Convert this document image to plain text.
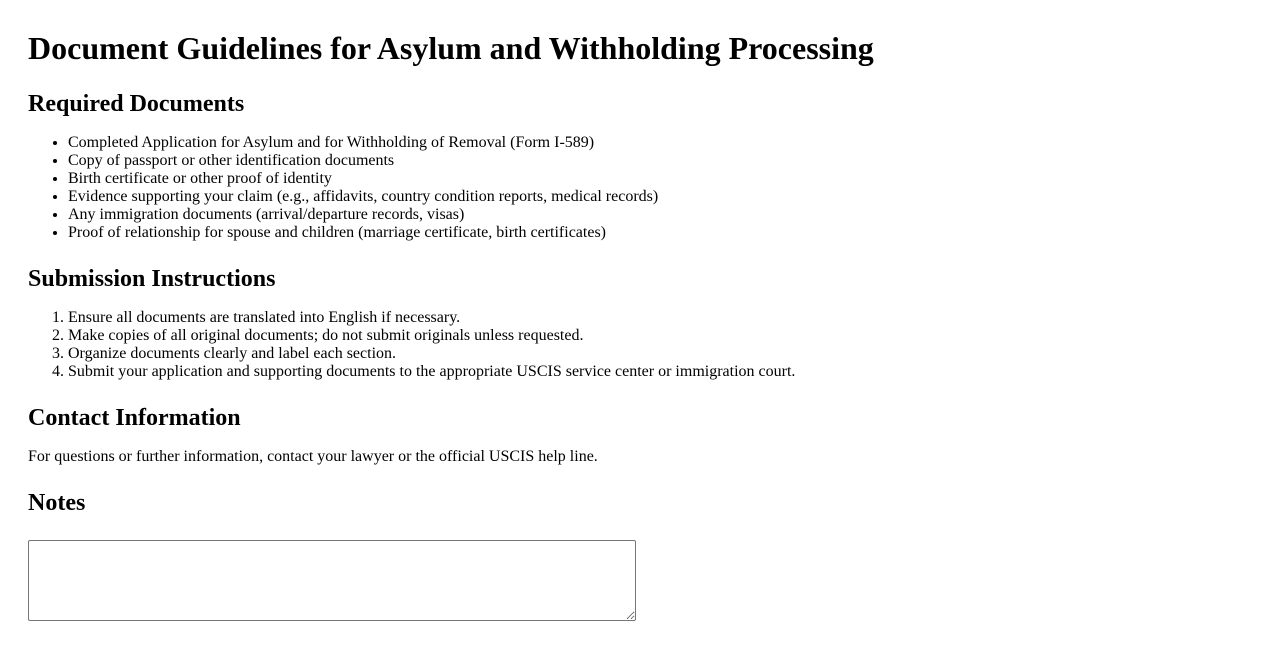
Document Guidelines for Asylum and Withholding Processing
Required Documents
• Completed Application for Asylum and for Withholding of Removal (Form I-589)
• Copy of passport or other identification documents
• Birth certificate or other proof of identity
• Evidence supporting your claim (e.g., affidavits, country condition reports, medical records)
• Any immigration documents (arrival/departure records, visas)
• Proof of relationship for spouse and children (marriage certificate, birth certificates)
Submission Instructions
1. Ensure all documents are translated into English if necessary.
2. Make copies of all original documents; do not submit originals unless requested.
3. Organize documents clearly and label each section.
4. Submit your application and supporting documents to the appropriate USCIS service center or immigration court.
Contact Information

For questions or further information, contact your lawyer or the official USCIS help line.

Notes
